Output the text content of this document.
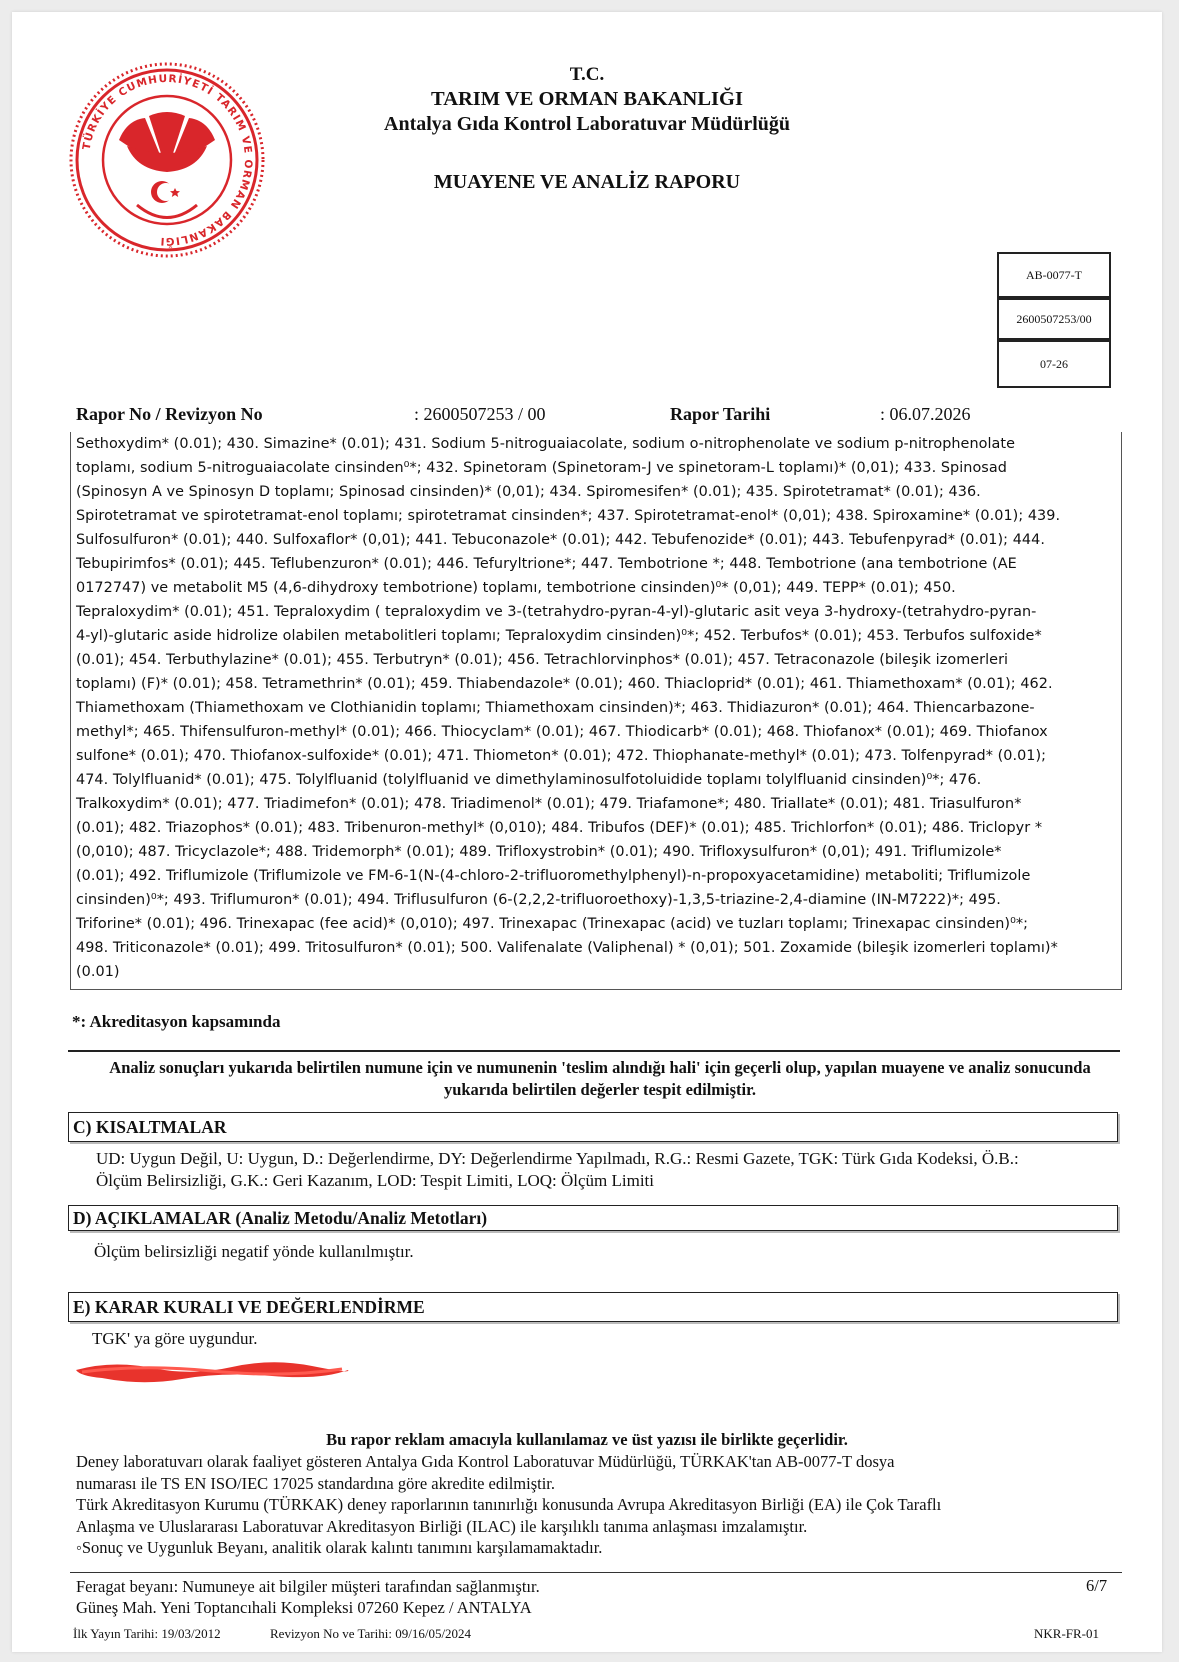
TÜRKİYE CUMHURİYETİ TARIM VE ORMAN BAKANLIĞI
T.C.
TARIM VE ORMAN BAKANLIĞI
Antalya Gıda Kontrol Laboratuvar Müdürlüğü
MUAYENE VE ANALİZ RAPORU
AB-0077-T
2600507253/00
07-26
Rapor No / Revizyon No	: 2600507253 / 00	Rapor Tarihi	: 06.07.2026
Sethoxydim* (0.01); 430. Simazine* (0.01); 431. Sodium 5-nitroguaiacolate, sodium o-nitrophenolate ve sodium p-nitrophenolate
toplamı, sodium 5-nitroguaiacolate cinsinden⁰*; 432. Spinetoram (Spinetoram-J ve spinetoram-L toplamı)* (0,01); 433. Spinosad
(Spinosyn A ve Spinosyn D toplamı; Spinosad cinsinden)* (0,01); 434. Spiromesifen* (0.01); 435. Spirotetramat* (0.01); 436.
Spirotetramat ve spirotetramat-enol toplamı; spirotetramat cinsinden*; 437. Spirotetramat-enol* (0,01); 438. Spiroxamine* (0.01); 439.
Sulfosulfuron* (0.01); 440. Sulfoxaflor* (0,01); 441. Tebuconazole* (0.01); 442. Tebufenozide* (0.01); 443. Tebufenpyrad* (0.01); 444.
Tebupirimfos* (0.01); 445. Teflubenzuron* (0.01); 446. Tefuryltrione*; 447. Tembotrione *; 448. Tembotrione (ana tembotrione (AE
0172747) ve metabolit M5 (4,6-dihydroxy tembotrione) toplamı, tembotrione cinsinden)⁰* (0,01); 449. TEPP* (0.01); 450.
Tepraloxydim* (0.01); 451. Tepraloxydim ( tepraloxydim ve 3-(tetrahydro-pyran-4-yl)-glutaric asit veya 3-hydroxy-(tetrahydro-pyran-
4-yl)-glutaric aside hidrolize olabilen metabolitleri toplamı; Tepraloxydim cinsinden)⁰*; 452. Terbufos* (0.01); 453. Terbufos sulfoxide*
(0.01); 454. Terbuthylazine* (0.01); 455. Terbutryn* (0.01); 456. Tetrachlorvinphos* (0.01); 457. Tetraconazole (bileşik izomerleri
toplamı) (F)* (0.01); 458. Tetramethrin* (0.01); 459. Thiabendazole* (0.01); 460. Thiacloprid* (0.01); 461. Thiamethoxam* (0.01); 462.
Thiamethoxam (Thiamethoxam ve Clothianidin toplamı; Thiamethoxam cinsinden)*; 463. Thidiazuron* (0.01); 464. Thiencarbazone-
methyl*; 465. Thifensulfuron-methyl* (0.01); 466. Thiocyclam* (0.01); 467. Thiodicarb* (0.01); 468. Thiofanox* (0.01); 469. Thiofanox
sulfone* (0.01); 470. Thiofanox-sulfoxide* (0.01); 471. Thiometon* (0.01); 472. Thiophanate-methyl* (0.01); 473. Tolfenpyrad* (0.01);
474. Tolylfluanid* (0.01); 475. Tolylfluanid (tolylfluanid ve dimethylaminosulfotoluidide toplamı tolylfluanid cinsinden)⁰*; 476.
Tralkoxydim* (0.01); 477. Triadimefon* (0.01); 478. Triadimenol* (0.01); 479. Triafamone*; 480. Triallate* (0.01); 481. Triasulfuron*
(0.01); 482. Triazophos* (0.01); 483. Tribenuron-methyl* (0,010); 484. Tribufos (DEF)* (0.01); 485. Trichlorfon* (0.01); 486. Triclopyr *
(0,010); 487. Tricyclazole*; 488. Tridemorph* (0.01); 489. Trifloxystrobin* (0.01); 490. Trifloxysulfuron* (0,01); 491. Triflumizole*
(0.01); 492. Triflumizole (Triflumizole ve FM-6-1(N-(4-chloro-2-trifluoromethylphenyl)-n-propoxyacetamidine) metaboliti; Triflumizole
cinsinden)⁰*; 493. Triflumuron* (0.01); 494. Triflusulfuron (6-(2,2,2-trifluoroethoxy)-1,3,5-triazine-2,4-diamine (IN-M7222)*; 495.
Triforine* (0.01); 496. Trinexapac (fee acid)* (0,010); 497. Trinexapac (Trinexapac (acid) ve tuzları toplamı; Trinexapac cinsinden)⁰*;
498. Triticonazole* (0.01); 499. Tritosulfuron* (0.01); 500. Valifenalate (Valiphenal) * (0,01); 501. Zoxamide (bileşik izomerleri toplamı)*
(0.01)
*: Akreditasyon kapsamında
Analiz sonuçları yukarıda belirtilen numune için ve numunenin 'teslim alındığı hali' için geçerli olup, yapılan muayene ve analiz sonucunda yukarıda belirtilen değerler tespit edilmiştir.
C) KISALTMALAR
UD: Uygun Değil, U: Uygun, D.: Değerlendirme, DY: Değerlendirme Yapılmadı, R.G.: Resmi Gazete, TGK: Türk Gıda Kodeksi, Ö.B.: Ölçüm Belirsizliği, G.K.: Geri Kazanım, LOD: Tespit Limiti, LOQ: Ölçüm Limiti
D) AÇIKLAMALAR (Analiz Metodu/Analiz Metotları)
Ölçüm belirsizliği negatif yönde kullanılmıştır.
E) KARAR KURALI VE DEĞERLENDİRME
TGK' ya göre uygundur.
Bu rapor reklam amacıyla kullanılamaz ve üst yazısı ile birlikte geçerlidir.
Deney laboratuvarı olarak faaliyet gösteren Antalya Gıda Kontrol Laboratuvar Müdürlüğü, TÜRKAK'tan AB-0077-T dosya
numarası ile TS EN ISO/IEC 17025 standardına göre akredite edilmiştir.
Türk Akreditasyon Kurumu (TÜRKAK) deney raporlarının tanınırlığı konusunda Avrupa Akreditasyon Birliği (EA) ile Çok Taraflı
Anlaşma ve Uluslararası Laboratuvar Akreditasyon Birliği (ILAC) ile karşılıklı tanıma anlaşması imzalamıştır.
◦Sonuç ve Uygunluk Beyanı, analitik olarak kalıntı tanımını karşılamamaktadır.
Feragat beyanı: Numuneye ait bilgiler müşteri tarafından sağlanmıştır.
Güneş Mah. Yeni Toptancıhali Kompleksi 07260 Kepez / ANTALYA
6/7
İlk Yayın Tarihi: 19/03/2012	Revizyon No ve Tarihi: 09/16/05/2024	NKR-FR-01
